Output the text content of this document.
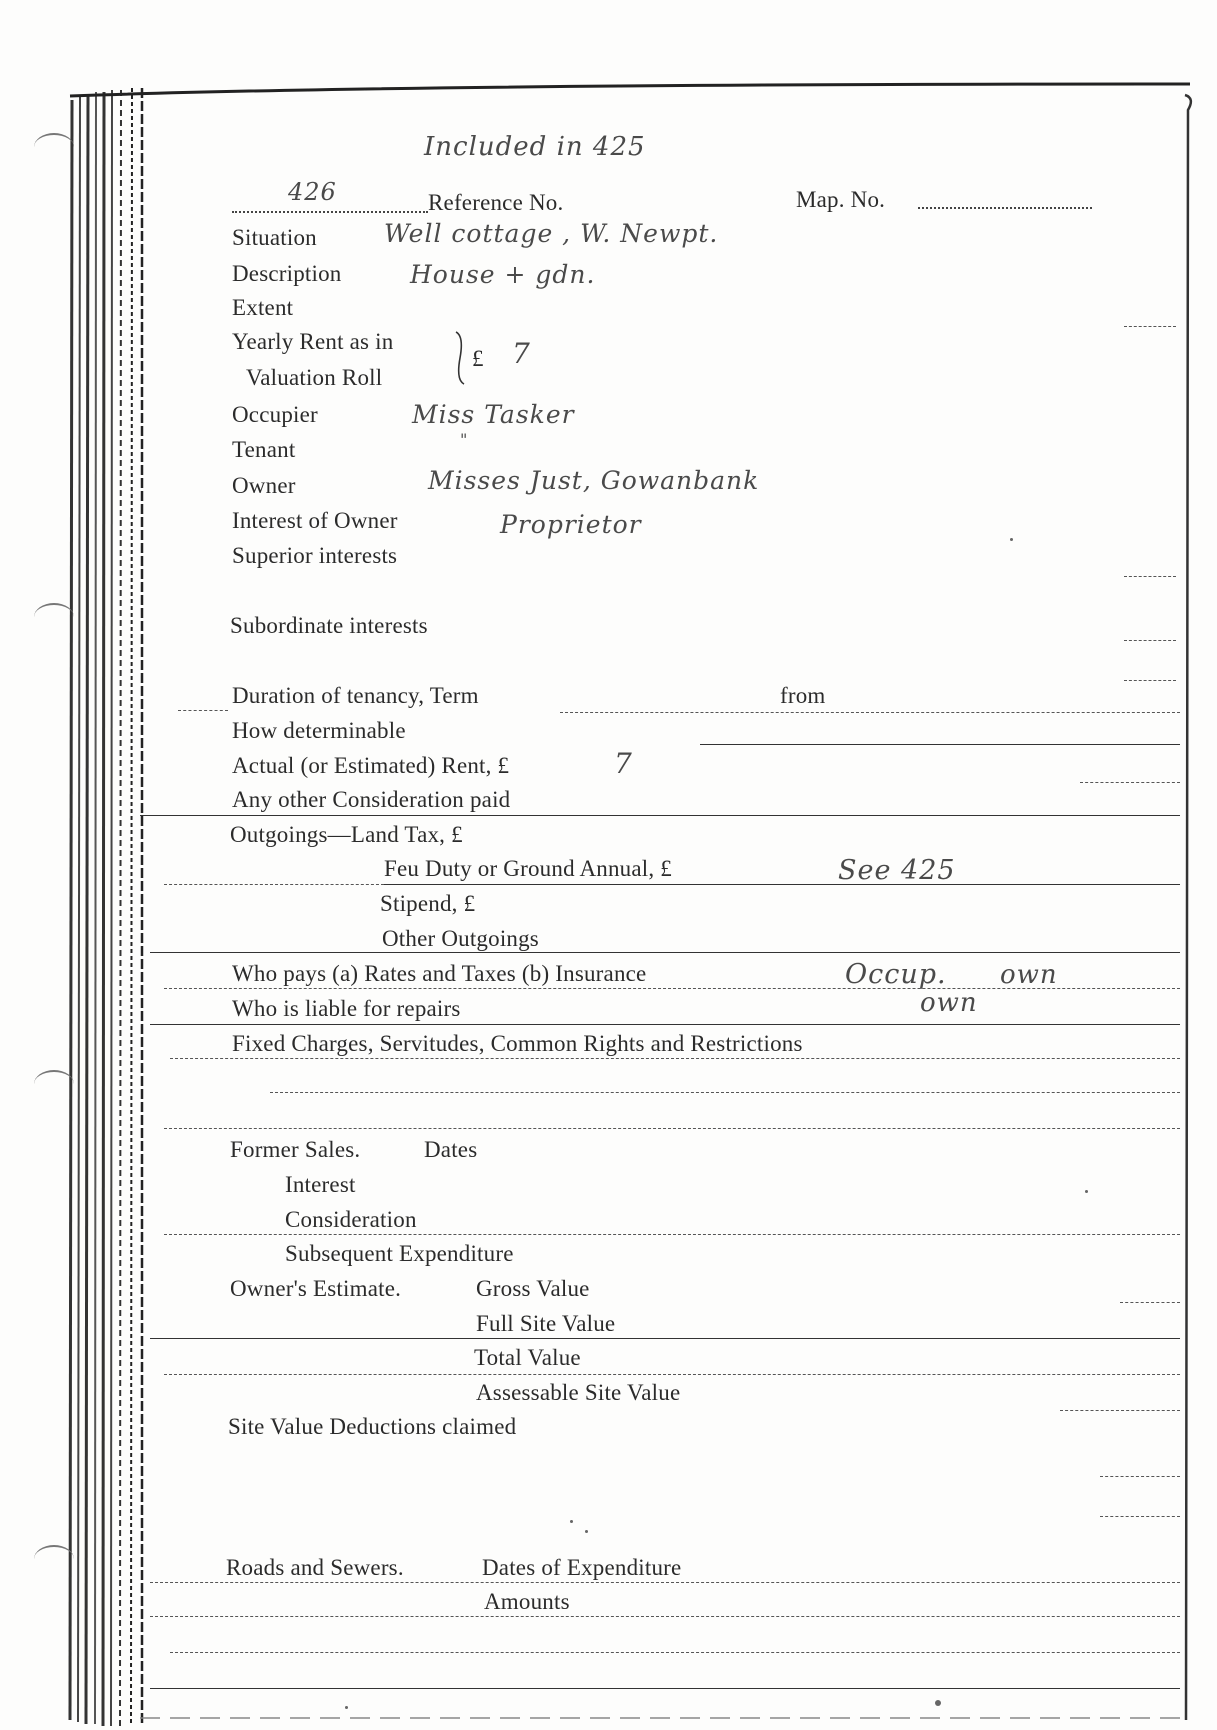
Included in 425
426	Reference No.	Map. No.
Situation	Well cottage , W. Newpt.
Description	House + gdn.
Extent
Yearly Rent as in
Valuation Roll
£ 7
Occupier	Miss Tasker
Tenant	"
Owner	Misses Just, Gowanbank
Interest of Owner	Proprietor
Superior interests
Subordinate interests
Duration of tenancy, Term	from
How determinable
Actual (or Estimated) Rent, £	7
Any other Consideration paid
Outgoings—Land Tax, £
Feu Duty or Ground Annual, £	See 425
Stipend, £
Other Outgoings
Who pays (a) Rates and Taxes (b) Insurance	Occup. own
Who is liable for repairs	own
Fixed Charges, Servitudes, Common Rights and Restrictions
Former Sales.	Dates
Interest
Consideration
Subsequent Expenditure
Owner's Estimate.	Gross Value
Full Site Value
Total Value
Assessable Site Value
Site Value Deductions claimed
Roads and Sewers.	Dates of Expenditure
Amounts
